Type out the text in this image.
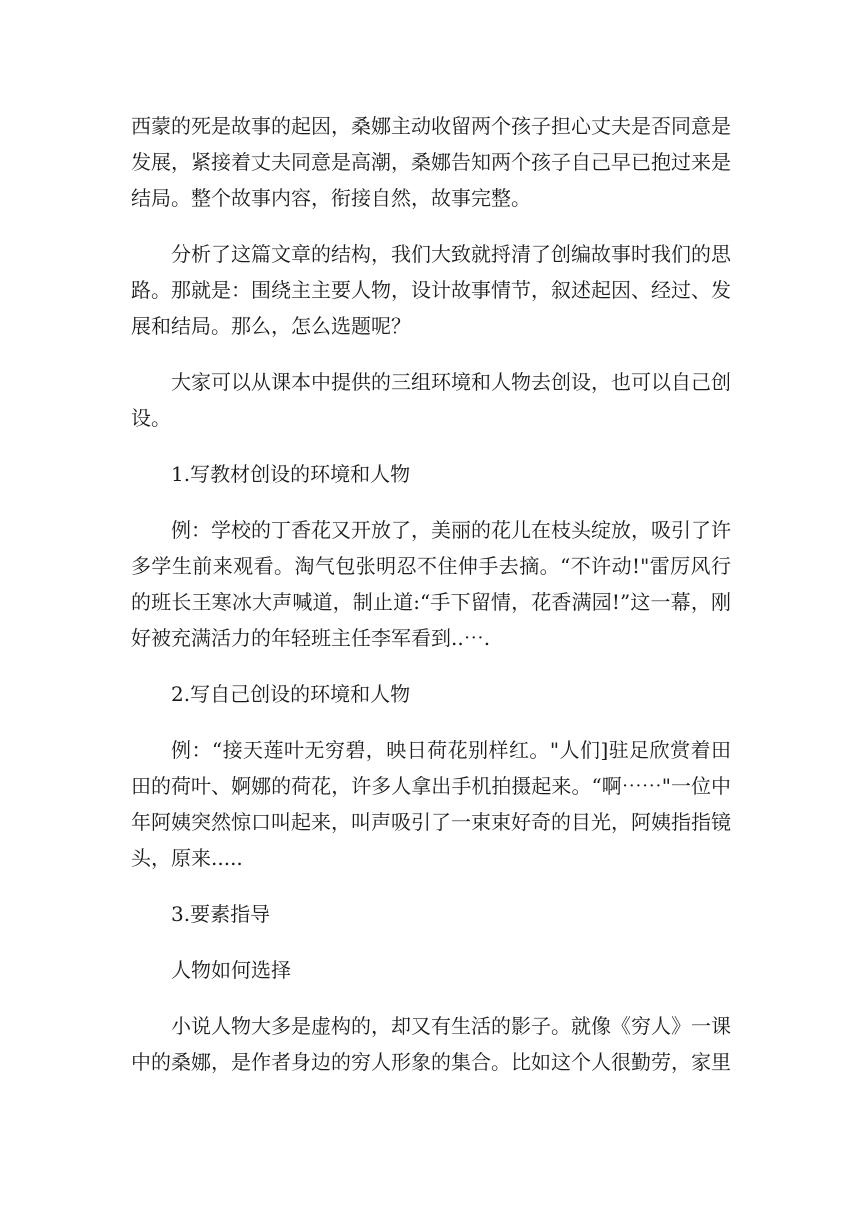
西蒙的死是故事的起因，桑娜主动收留两个孩子担心丈夫是否同意是发展，紧接着丈夫同意是高潮，桑娜告知两个孩子自己早已抱过来是结局。整个故事内容，衔接自然，故事完整。

分析了这篇文章的结构，我们大致就捋清了创编故事时我们的思路。那就是：围绕主主要人物，设计故事情节，叙述起因、经过、发展和结局。那么，怎么选题呢？

大家可以从课本中提供的三组环境和人物去创设，也可以自己创设。

1.写教材创设的环境和人物

例：学校的丁香花又开放了，美丽的花儿在枝头绽放，吸引了许多学生前来观看。淘气包张明忍不住伸手去摘。“不许动!"雷厉风行的班长王寒冰大声喊道，制止道:“手下留情，花香满园!”这一幕，刚好被充满活力的年轻班主任李军看到..⋯.

2.写自己创设的环境和人物

例：“接天莲叶无穷碧，映日荷花别样红。"人们]驻足欣赏着田田的荷叶、婀娜的荷花，许多人拿出手机拍摄起来。“啊⋯⋯"一位中年阿姨突然惊口叫起来，叫声吸引了一束束好奇的目光，阿姨指指镜头，原来.....

3.要素指导

人物如何选择

小说人物大多是虚构的，却又有生活的影子。就像《穷人》一课中的桑娜，是作者身边的穷人形象的集合。比如这个人很勤劳，家里
